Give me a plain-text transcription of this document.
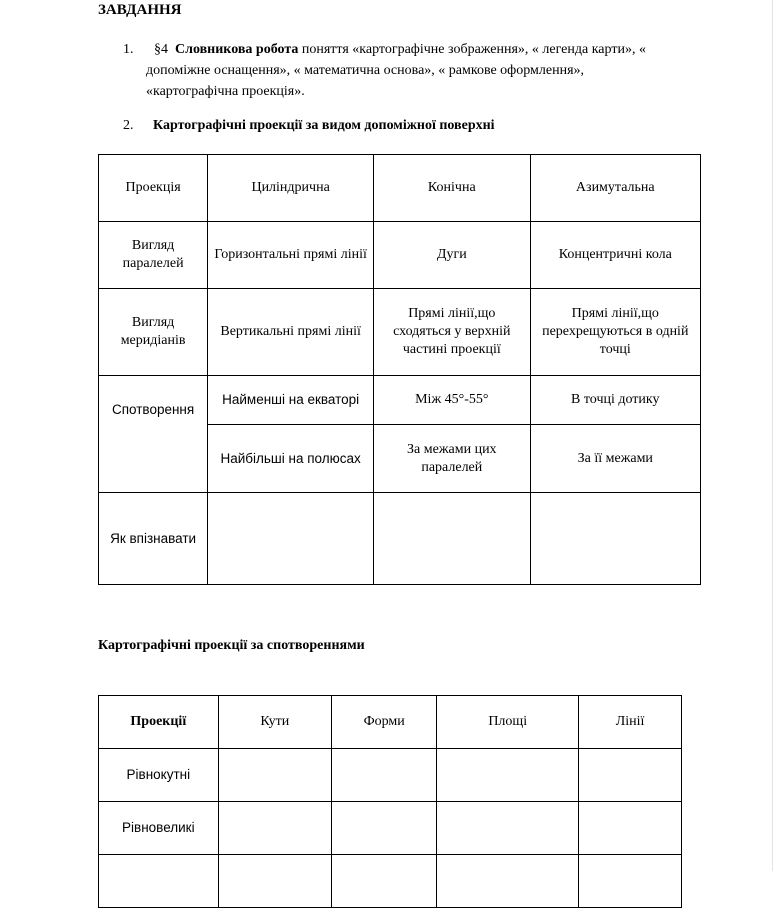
ЗАВДАННЯ
1.	§4 Словникова робота поняття «картографічне зображення», « легенда карти», « допоміжне оснащення», « математична основа», « рамкове оформлення», «картографічна проекція».
2. Картографічні проекції за видом допоміжної поверхні
Проекція	Циліндрична	Конічна	Азимутальна
Вигляд паралелей	Горизонтальні прямі лінії	Дуги	Концентричні кола
Вигляд меридіанів	Вертикальні прямі лінії	Прямі лінії,що сходяться у верхній частині проекції	Прямі лінії,що перехрещуються в одній точці
Спотворення	Найменші на екваторі	Між 45°-55°	В точці дотику
	Найбільші на полюсах	За межами цих паралелей	За її межами
Як впізнавати			
Картографічні проекції за спотвореннями
Проекції	Кути	Форми	Площі	Лінії
Рівнокутні				
Рівновеликі				
